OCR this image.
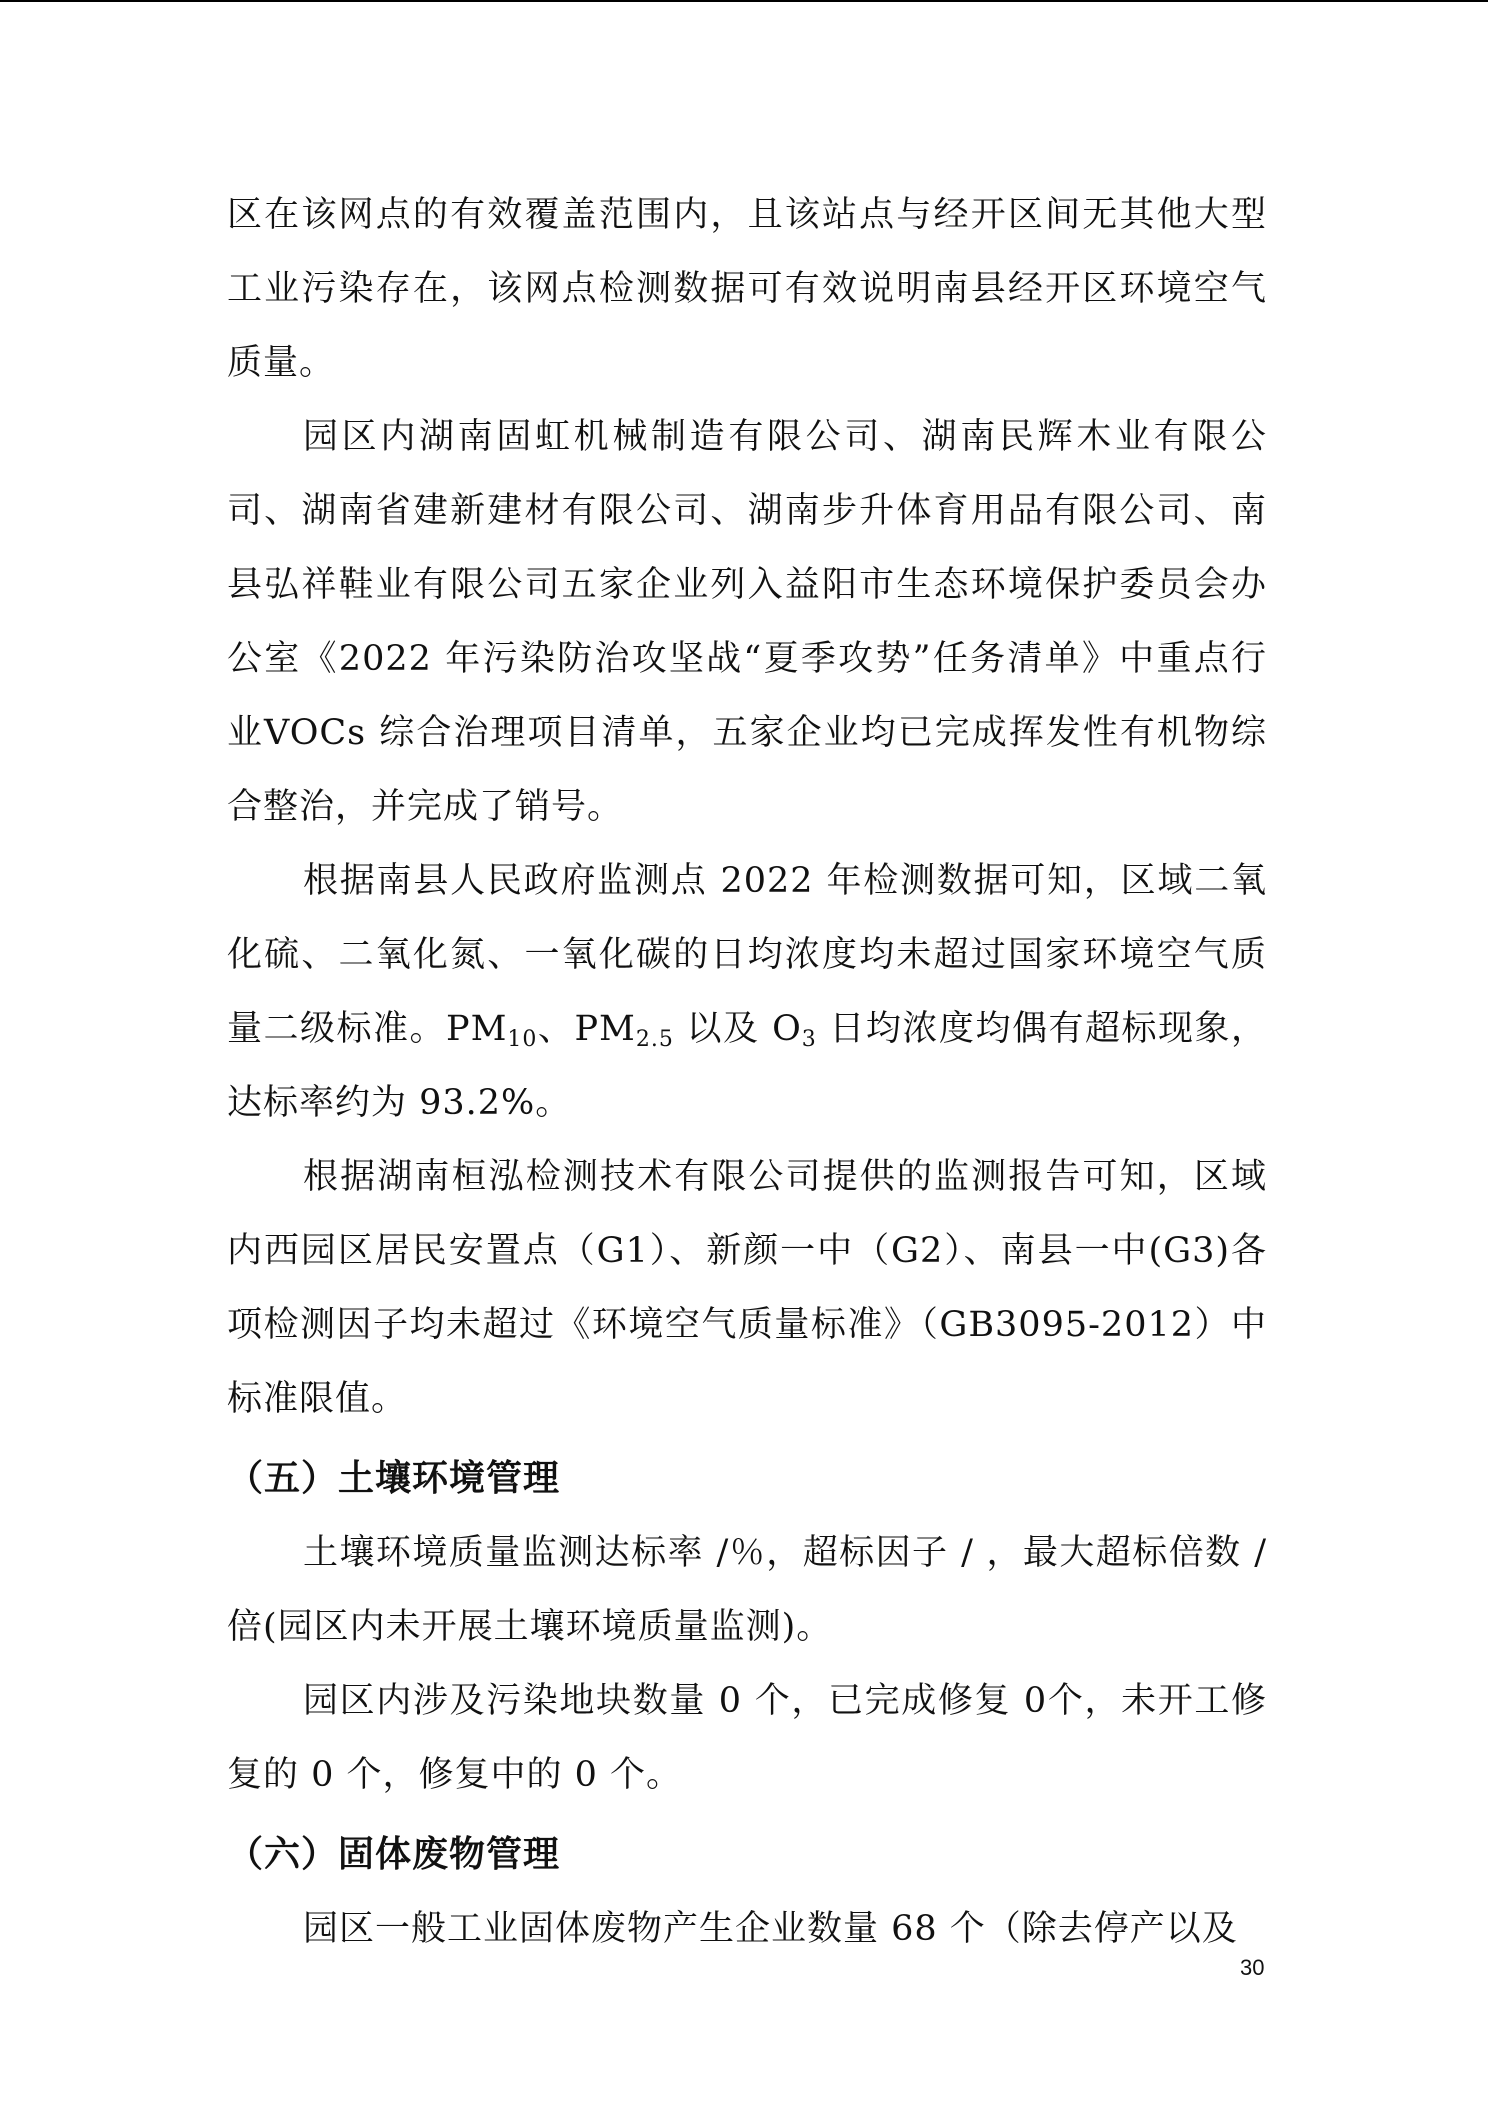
区在该网点的有效覆盖范围内，且该站点与经开区间无其他大型工业污染存在，该网点检测数据可有效说明南县经开区环境空气质量。

园区内湖南固虹机械制造有限公司、湖南民辉木业有限公司、湖南省建新建材有限公司、湖南步升体育用品有限公司、南县弘祥鞋业有限公司五家企业列入益阳市生态环境保护委员会办公室《2022 年污染防治攻坚战“夏季攻势”任务清单》中重点行业VOCs 综合治理项目清单，五家企业均已完成挥发性有机物综合整治，并完成了销号。

根据南县人民政府监测点 2022 年检测数据可知，区域二氧化硫、二氧化氮、一氧化碳的日均浓度均未超过国家环境空气质量二级标准。$PM_{10}$、$PM_{2.5}$ 以及 $O_3$ 日均浓度均偶有超标现象，达标率约为 93.2%。

根据湖南桓泓检测技术有限公司提供的监测报告可知，区域内西园区居民安置点（G1）、新颜一中（G2）、南县一中(G3)各项检测因子均未超过《环境空气质量标准》（GB3095-2012）中标准限值。

（五）土壤环境管理

土壤环境质量监测达标率 /％，超标因子 / ，最大超标倍数 / 倍(园区内未开展土壤环境质量监测)。

园区内涉及污染地块数量 0 个，已完成修复 0个，未开工修复的 0 个，修复中的 0 个。

（六）固体废物管理

园区一般工业固体废物产生企业数量 68 个（除去停产以及

30
